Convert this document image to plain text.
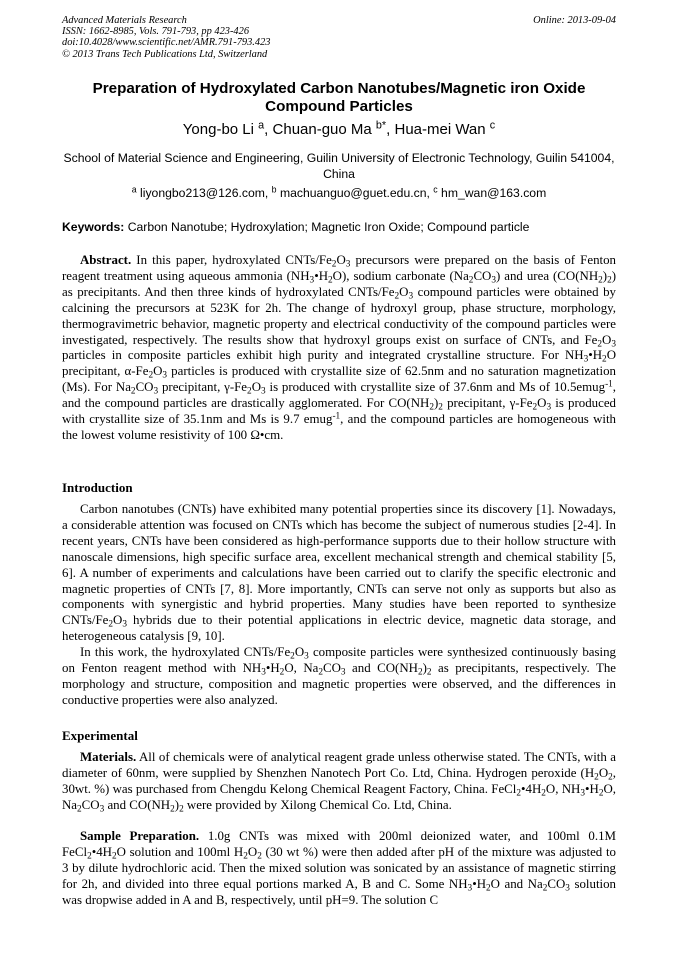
Advanced Materials Research
ISSN: 1662-8985, Vols. 791-793, pp 423-426
doi:10.4028/www.scientific.net/AMR.791-793.423
© 2013 Trans Tech Publications Ltd, Switzerland
Online: 2013-09-04
Preparation of Hydroxylated Carbon Nanotubes/Magnetic iron Oxide
Compound Particles
Yong-bo Li $^a$, Chuan-guo Ma $^{b*}$, Hua-mei Wan $^c$
School of Material Science and Engineering, Guilin University of Electronic Technology, Guilin 541004, China
$^a$ liyongbo213@126.com, $^b$ machuanguo@guet.edu.cn, $^c$ hm_wan@163.com
Keywords: Carbon Nanotube; Hydroxylation; Magnetic Iron Oxide; Compound particle

Abstract. In this paper, hydroxylated CNTs/$Fe_2O_3$ precursors were prepared on the basis of Fenton reagent treatment using aqueous ammonia $(NH_3•H_2O)$, sodium carbonate $(Na_2CO_3)$ and urea $(CO(NH_2)_2)$ as precipitants. And then three kinds of hydroxylated CNTs/$Fe_2O_3$ compound particles were obtained by calcining the precursors at 523K for 2h. The change of hydroxyl group, phase structure, morphology, thermogravimetric behavior, magnetic property and electrical conductivity of the compound particles were investigated, respectively. The results show that hydroxyl groups exist on surface of CNTs, and $Fe_2O_3$ particles in composite particles exhibit high purity and integrated crystalline structure. For $NH_3•H_2O$ precipitant, $\alpha-Fe_2O_3$ particles is produced with crystallite size of 62.5nm and no saturation magnetization (Ms). For $Na_2CO_3$ precipitant, $\gamma-Fe_2O_3$ is produced with crystallite size of 37.6nm and Ms of 10.5emug$^{-1}$, and the compound particles are drastically agglomerated. For $CO(NH_2)_2$ precipitant, $\gamma-Fe_2O_3$ is produced with crystallite size of 35.1nm and Ms is 9.7 emug$^{-1}$, and the compound particles are homogeneous with the lowest volume resistivity of 100 Ω•cm.

Introduction

Carbon nanotubes (CNTs) have exhibited many potential properties since its discovery [1]. Nowadays, a considerable attention was focused on CNTs which has become the subject of numerous studies [2-4]. In recent years, CNTs have been considered as high-performance supports due to their hollow structure with nanoscale dimensions, high specific surface area, excellent mechanical strength and chemical stability [5, 6]. A number of experiments and calculations have been carried out to clarify the specific electronic and magnetic properties of CNTs [7, 8]. More importantly, CNTs can serve not only as supports but also as components with synergistic and hybrid properties. Many studies have been reported to synthesize CNTs/$Fe_2O_3$ hybrids due to their potential applications in electric device, magnetic data storage, and heterogeneous catalysis [9, 10].

In this work, the hydroxylated CNTs/$Fe_2O_3$ composite particles were synthesized continuously basing on Fenton reagent method with $NH_3•H_2O$, $Na_2CO_3$ and $CO(NH_2)_2$ as precipitants, respectively. The morphology and structure, composition and magnetic properties were observed, and the differences in conductive properties were also analyzed.

Experimental

Materials. All of chemicals were of analytical reagent grade unless otherwise stated. The CNTs, with a diameter of 60nm, were supplied by Shenzhen Nanotech Port Co. Ltd, China. Hydrogen peroxide ($H_2O_2$, 30wt. %) was purchased from Chengdu Kelong Chemical Reagent Factory, China. $FeCl_2•4H_2O$, $NH_3•H_2O$, $Na_2CO_3$ and $CO(NH_2)_2$ were provided by Xilong Chemical Co. Ltd, China.

Sample Preparation. 1.0g CNTs was mixed with 200ml deionized water, and 100ml 0.1M $FeCl_2•4H_2O$ solution and 100ml $H_2O_2$ (30 wt %) were then added after pH of the mixture was adjusted to 3 by dilute hydrochloric acid. Then the mixed solution was sonicated by an assistance of magnetic stirring for 2h, and divided into three equal portions marked A, B and C. Some $NH_3•H_2O$ and $Na_2CO_3$ solution was dropwise added in A and B, respectively, until pH=9. The solution C
